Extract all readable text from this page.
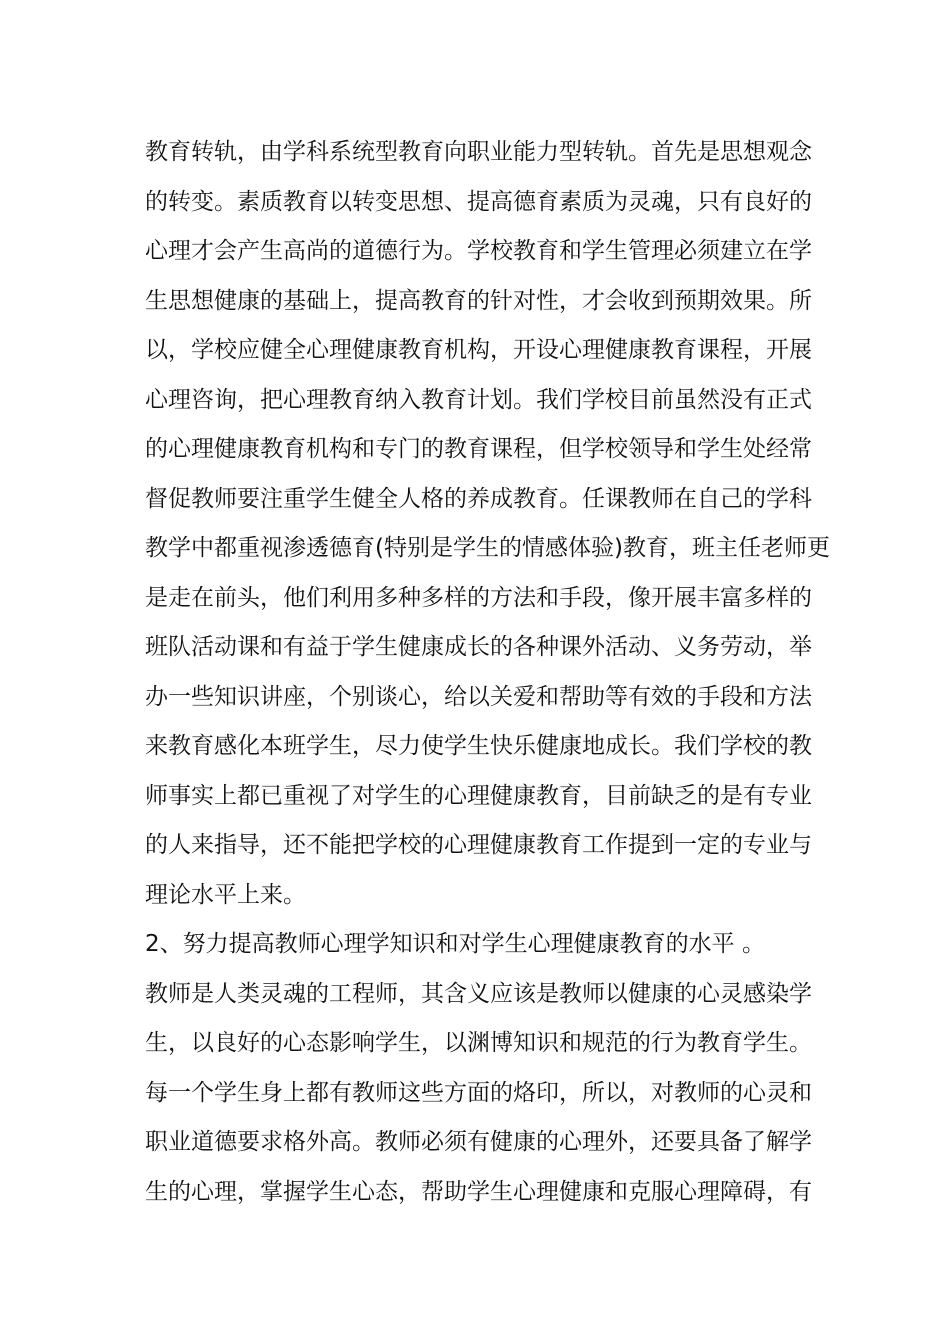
教育转轨，由学科系统型教育向职业能力型转轨。首先是思想观念
的转变。素质教育以转变思想、提高德育素质为灵魂，只有良好的
心理才会产生高尚的道德行为。学校教育和学生管理必须建立在学
生思想健康的基础上，提高教育的针对性，才会收到预期效果。所
以，学校应健全心理健康教育机构，开设心理健康教育课程，开展
心理咨询，把心理教育纳入教育计划。我们学校目前虽然没有正式
的心理健康教育机构和专门的教育课程，但学校领导和学生处经常
督促教师要注重学生健全人格的养成教育。任课教师在自己的学科
教学中都重视渗透德育(特别是学生的情感体验)教育，班主任老师更
是走在前头，他们利用多种多样的方法和手段，像开展丰富多样的
班队活动课和有益于学生健康成长的各种课外活动、义务劳动，举
办一些知识讲座，个别谈心，给以关爱和帮助等有效的手段和方法
来教育感化本班学生，尽力使学生快乐健康地成长。我们学校的教
师事实上都已重视了对学生的心理健康教育，目前缺乏的是有专业
的人来指导，还不能把学校的心理健康教育工作提到一定的专业与
理论水平上来。
2、努力提高教师心理学知识和对学生心理健康教育的水平 。
教师是人类灵魂的工程师，其含义应该是教师以健康的心灵感染学
生，以良好的心态影响学生，以渊博知识和规范的行为教育学生。
每一个学生身上都有教师这些方面的烙印，所以，对教师的心灵和
职业道德要求格外高。教师必须有健康的心理外，还要具备了解学
生的心理，掌握学生心态，帮助学生心理健康和克服心理障碍，有
